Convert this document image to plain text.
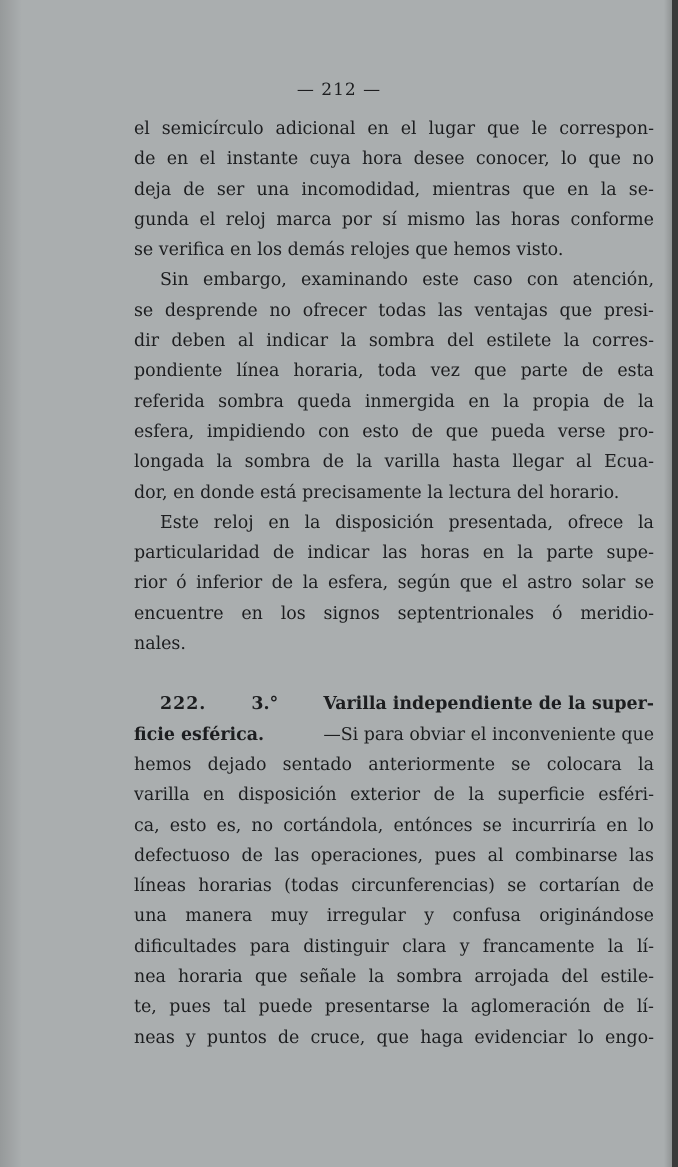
— 212 —
el semicírculo adicional en el lugar que le correspon-
de en el instante cuya hora desee conocer, lo que no
deja de ser una incomodidad, mientras que en la se-
gunda el reloj marca por sí mismo las horas conforme
se verifica en los demás relojes que hemos visto.
Sin embargo, examinando este caso con atención,
se desprende no ofrecer todas las ventajas que presi-
dir deben al indicar la sombra del estilete la corres-
pondiente línea horaria, toda vez que parte de esta
referida sombra queda inmergida en la propia de la
esfera, impidiendo con esto de que pueda verse pro-
longada la sombra de la varilla hasta llegar al Ecua-
dor, en donde está precisamente la lectura del horario.
Este reloj en la disposición presentada, ofrece la
particularidad de indicar las horas en la parte supe-
rior ó inferior de la esfera, según que el astro solar se
encuentre en los signos septentrionales ó meridio-
nales.
222.	3.°	Varilla independiente de la super-
ficie esférica.	—Si para obviar el inconveniente que
hemos dejado sentado anteriormente se colocara la
varilla en disposición exterior de la superficie esféri-
ca, esto es, no cortándola, entónces se incurriría en lo
defectuoso de las operaciones, pues al combinarse las
líneas horarias (todas circunferencias) se cortarían de
una manera muy irregular y confusa originándose
dificultades para distinguir clara y francamente la lí-
nea horaria que señale la sombra arrojada del estile-
te, pues tal puede presentarse la aglomeración de lí-
neas y puntos de cruce, que haga evidenciar lo engo-
